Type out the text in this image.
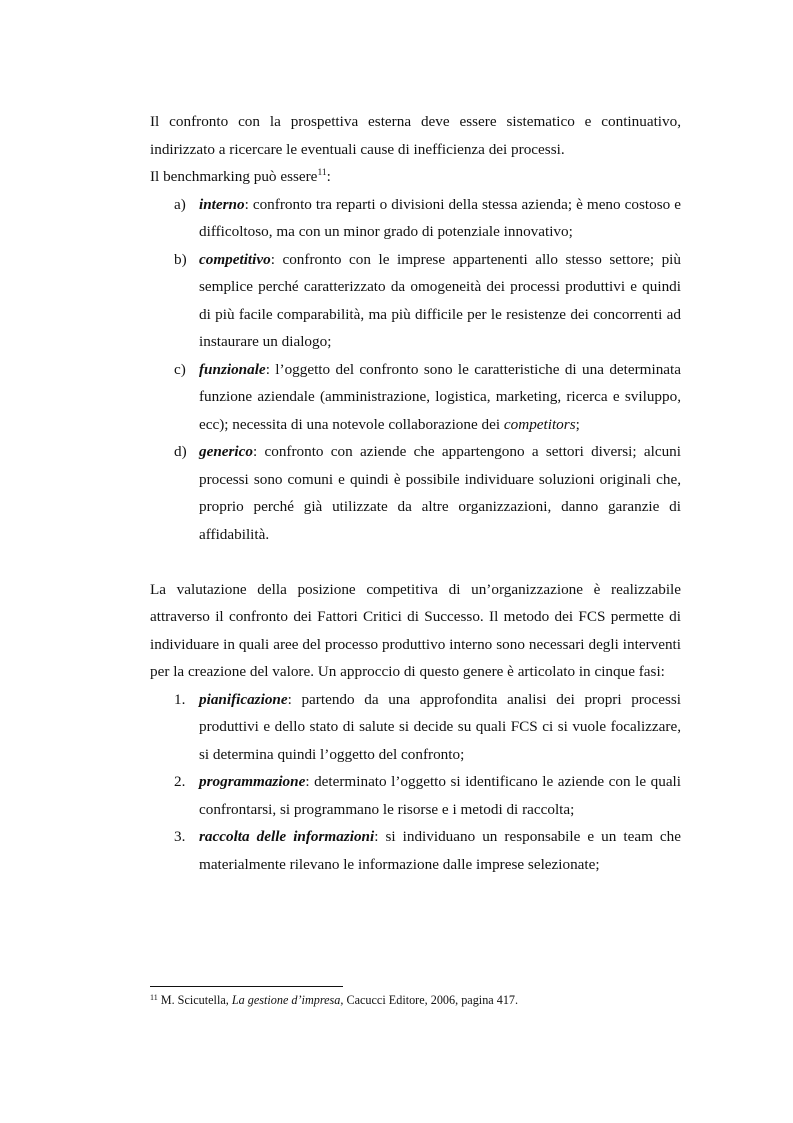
Il confronto con la prospettiva esterna deve essere sistematico e continuativo, indirizzato a ricercare le eventuali cause di inefficienza dei processi.
Il benchmarking può essere$^{11}$:

a) interno: confronto tra reparti o divisioni della stessa azienda; è meno costoso e difficoltoso, ma con un minor grado di potenziale innovativo;
b) competitivo: confronto con le imprese appartenenti allo stesso settore; più semplice perché caratterizzato da omogeneità dei processi produttivi e quindi di più facile comparabilità, ma più difficile per le resistenze dei concorrenti ad instaurare un dialogo;
c) funzionale: l’oggetto del confronto sono le caratteristiche di una determinata funzione aziendale (amministrazione, logistica, marketing, ricerca e sviluppo, ecc); necessita di una notevole collaborazione dei competitors;
d) generico: confronto con aziende che appartengono a settori diversi; alcuni processi sono comuni e quindi è possibile individuare soluzioni originali che, proprio perché già utilizzate da altre organizzazioni, danno garanzie di affidabilità.

La valutazione della posizione competitiva di un’organizzazione è realizzabile attraverso il confronto dei Fattori Critici di Successo. Il metodo dei FCS permette di individuare in quali aree del processo produttivo interno sono necessari degli interventi per la creazione del valore. Un approccio di questo genere è articolato in cinque fasi:

1. pianificazione: partendo da una approfondita analisi dei propri processi produttivi e dello stato di salute si decide su quali FCS ci si vuole focalizzare, si determina quindi l’oggetto del confronto;
2. programmazione: determinato l’oggetto si identificano le aziende con le quali confrontarsi, si programmano le risorse e i metodi di raccolta;
3. raccolta delle informazioni: si individuano un responsabile e un team che materialmente rilevano le informazione dalle imprese selezionate;
$^{11}$ M. Scicutella, La gestione d’impresa, Cacucci Editore, 2006, pagina 417.
